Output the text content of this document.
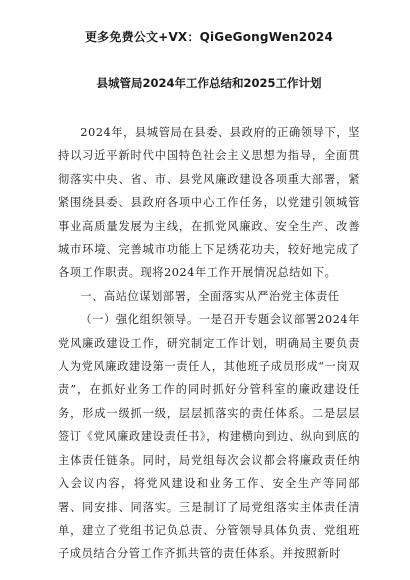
更多免费公文+VX：QiGeGongWen2024
县城管局2024年工作总结和2025工作计划

2024年，县城管局在县委、县政府的正确领导下，坚持以习近平新时代中国特色社会主义思想为指导，全面贯彻落实中央、省、市、县党风廉政建设各项重大部署，紧紧围绕县委、县政府各项中心工作任务，以党建引领城管事业高质量发展为主线，在抓党风廉政、安全生产、改善城市环境、完善城市功能上下足绣花功夫，较好地完成了各项工作职责。现将2024年工作开展情况总结如下。

一、高站位谋划部署，全面落实从严治党主体责任

（一）强化组织领导。一是召开专题会议部署2024年党风廉政建设工作，研究制定工作计划，明确局主要负责人为党风廉政建设第一责任人，其他班子成员形成“一岗双责”，在抓好业务工作的同时抓好分管科室的廉政建设任务，形成一级抓一级，层层抓落实的责任体系。二是层层签订《党风廉政建设责任书》，构建横向到边、纵向到底的主体责任链条。同时，局党组每次会议都会将廉政责任纳入会议内容，将党风建设和业务工作、安全生产等同部署、同安排、同落实。三是制订了局党组落实主体责任清单，建立了党组书记负总责、分管领导具体负责、党组班子成员结合分管工作齐抓共管的责任体系。并按照新时
